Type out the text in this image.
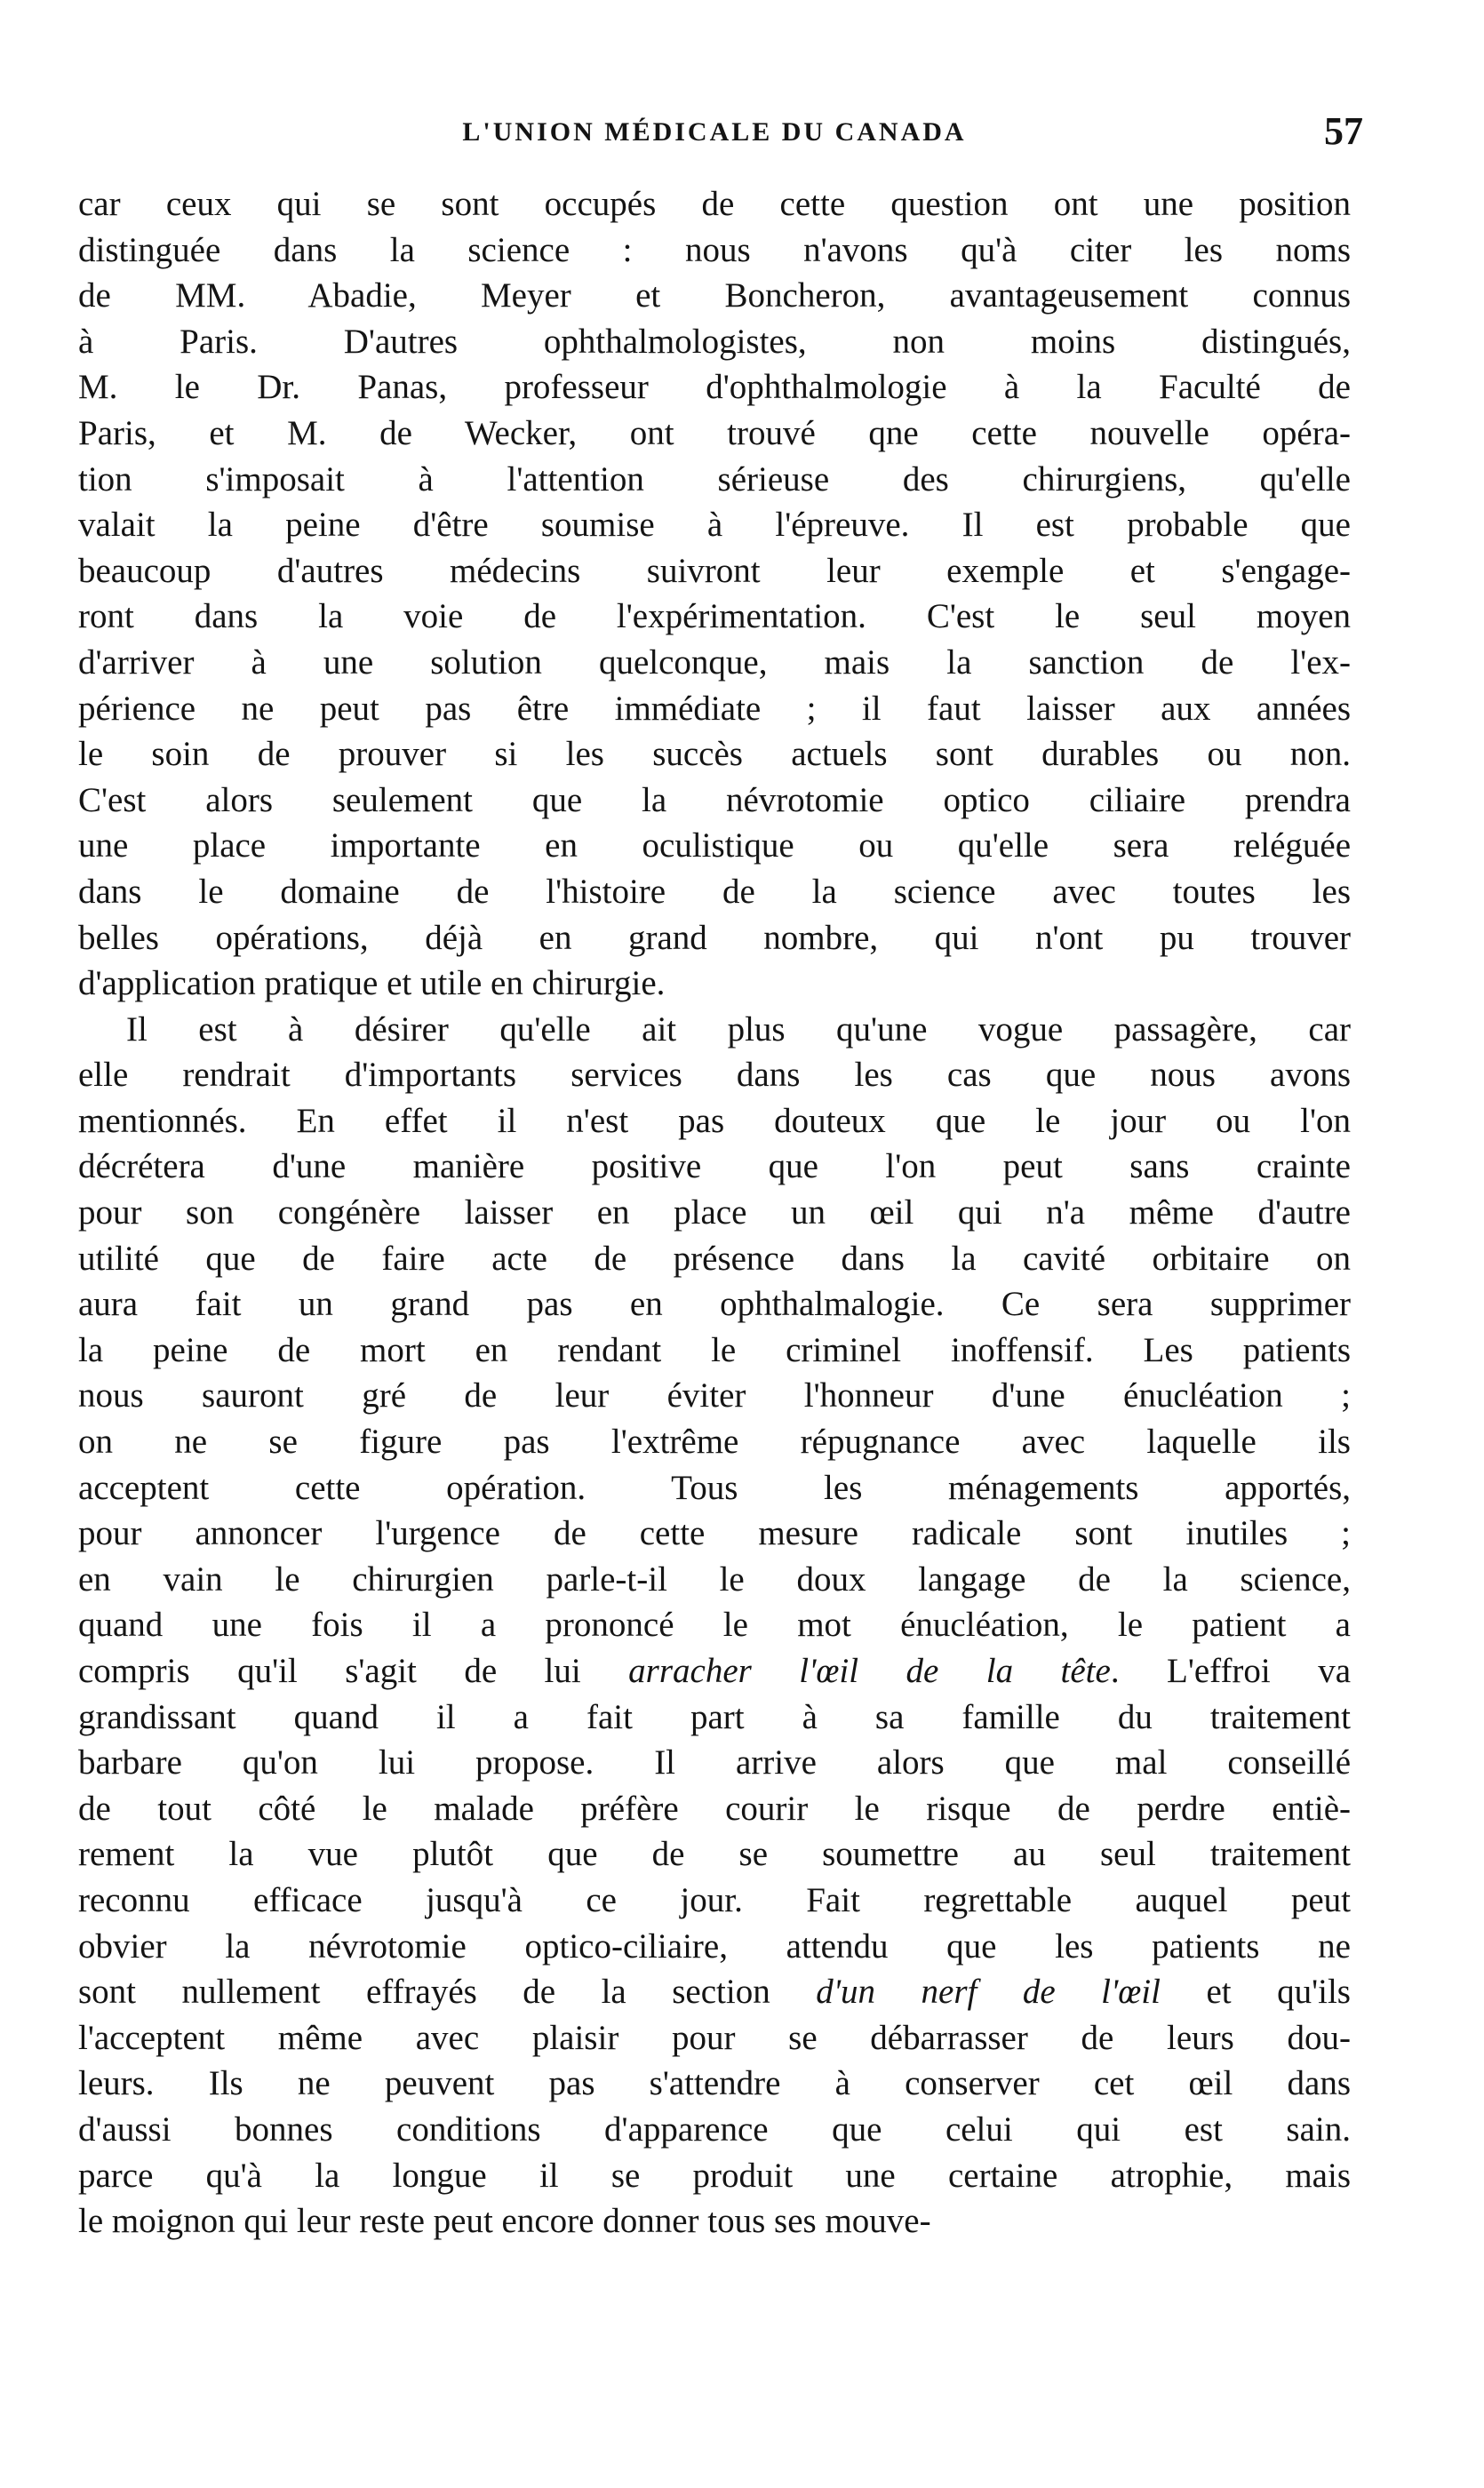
L'UNION MÉDICALE DU CANADA	57
car ceux qui se sont occupés de cette question ont une position
distinguée dans la science : nous n'avons qu'à citer les noms
de MM. Abadie, Meyer et Boncheron, avantageusement connus
à Paris. D'autres ophthalmologistes, non moins distingués,
M. le Dr. Panas, professeur d'ophthalmologie à la Faculté de
Paris, et M. de Wecker, ont trouvé qne cette nouvelle opéra-
tion s'imposait à l'attention sérieuse des chirurgiens, qu'elle
valait la peine d'être soumise à l'épreuve. Il est probable que
beaucoup d'autres médecins suivront leur exemple et s'engage-
ront dans la voie de l'expérimentation. C'est le seul moyen
d'arriver à une solution quelconque, mais la sanction de l'ex-
périence ne peut pas être immédiate ; il faut laisser aux années
le soin de prouver si les succès actuels sont durables ou non.
C'est alors seulement que la névrotomie optico ciliaire prendra
une place importante en oculistique ou qu'elle sera reléguée
dans le domaine de l'histoire de la science avec toutes les
belles opérations, déjà en grand nombre, qui n'ont pu trouver
d'application pratique et utile en chirurgie.
Il est à désirer qu'elle ait plus qu'une vogue passagère, car
elle rendrait d'importants services dans les cas que nous avons
mentionnés. En effet il n'est pas douteux que le jour ou l'on
décrétera d'une manière positive que l'on peut sans crainte
pour son congénère laisser en place un œil qui n'a même d'autre
utilité que de faire acte de présence dans la cavité orbitaire on
aura fait un grand pas en ophthalmalogie. Ce sera supprimer
la peine de mort en rendant le criminel inoffensif. Les patients
nous sauront gré de leur éviter l'honneur d'une énucléation ;
on ne se figure pas l'extrême répugnance avec laquelle ils
acceptent cette opération. Tous les ménagements apportés,
pour annoncer l'urgence de cette mesure radicale sont inutiles ;
en vain le chirurgien parle-t-il le doux langage de la science,
quand une fois il a prononcé le mot énucléation, le patient a
compris qu'il s'agit de lui arracher l'œil de la tête. L'effroi va
grandissant quand il a fait part à sa famille du traitement
barbare qu'on lui propose. Il arrive alors que mal conseillé
de tout côté le malade préfère courir le risque de perdre entiè-
rement la vue plutôt que de se soumettre au seul traitement
reconnu efficace jusqu'à ce jour. Fait regrettable auquel peut
obvier la névrotomie optico-ciliaire, attendu que les patients ne
sont nullement effrayés de la section d'un nerf de l'œil et qu'ils
l'acceptent même avec plaisir pour se débarrasser de leurs dou-
leurs. Ils ne peuvent pas s'attendre à conserver cet œil dans
d'aussi bonnes conditions d'apparence que celui qui est sain.
parce qu'à la longue il se produit une certaine atrophie, mais
le moignon qui leur reste peut encore donner tous ses mouve-
